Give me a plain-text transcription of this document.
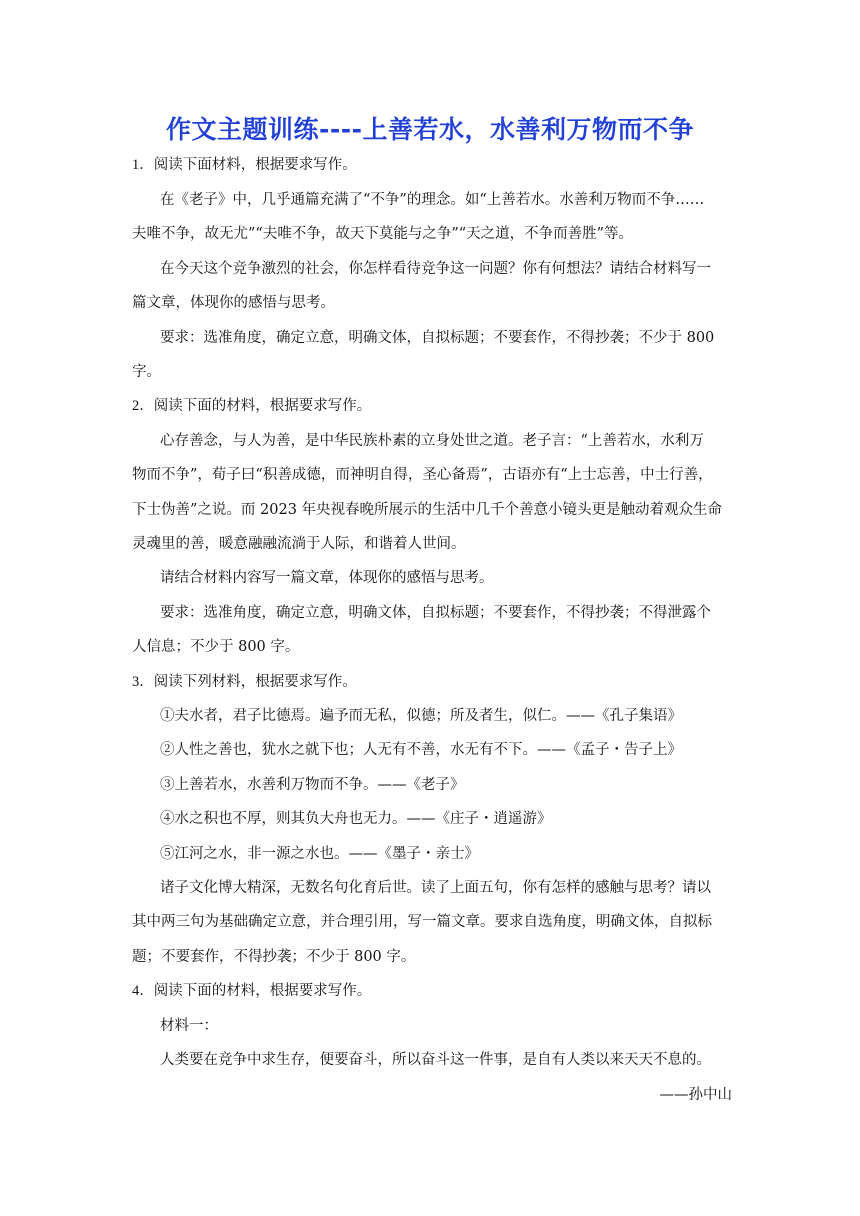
作文主题训练----上善若水，水善利万物而不争
1．阅读下面材料，根据要求写作。
在《老子》中，几乎通篇充满了“不争”的理念。如“上善若水。水善利万物而不争……
夫唯不争，故无尤”“夫唯不争，故天下莫能与之争”“天之道，不争而善胜”等。
在今天这个竞争激烈的社会，你怎样看待竞争这一问题？你有何想法？请结合材料写一
篇文章，体现你的感悟与思考。
要求：选准角度，确定立意，明确文体，自拟标题；不要套作，不得抄袭；不少于 800
字。
2．阅读下面的材料，根据要求写作。
心存善念，与人为善，是中华民族朴素的立身处世之道。老子言：“上善若水，水利万
物而不争”，荀子曰“积善成德，而神明自得，圣心备焉”，古语亦有“上士忘善，中士行善，
下士伪善”之说。而 2023 年央视春晚所展示的生活中几千个善意小镜头更是触动着观众生命
灵魂里的善，暖意融融流淌于人际，和谐着人世间。
请结合材料内容写一篇文章，体现你的感悟与思考。
要求：选准角度，确定立意，明确文体，自拟标题；不要套作，不得抄袭；不得泄露个
人信息；不少于 800 字。
3．阅读下列材料，根据要求写作。
①夫水者，君子比德焉。遍予而无私，似德；所及者生，似仁。——《孔子集语》
②人性之善也，犹水之就下也；人无有不善，水无有不下。——《孟子・告子上》
③上善若水，水善利万物而不争。——《老子》
④水之积也不厚，则其负大舟也无力。——《庄子・逍遥游》
⑤江河之水，非一源之水也。——《墨子・亲士》
诸子文化博大精深，无数名句化育后世。读了上面五句，你有怎样的感触与思考？请以
其中两三句为基础确定立意，并合理引用，写一篇文章。要求自选角度，明确文体，自拟标
题；不要套作，不得抄袭；不少于 800 字。
4．阅读下面的材料，根据要求写作。
材料一：
人类要在竞争中求生存，便要奋斗，所以奋斗这一件事，是自有人类以来天天不息的。
——孙中山
